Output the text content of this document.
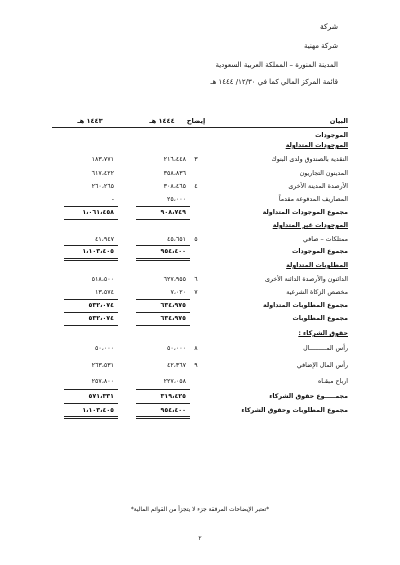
شركة
شركة مهنية
المدينة المنورة – المملكة العربية السعودية
قائمة المركز المالي كما في ١٢/٣٠/ ١٤٤٤ هـ
البيان
إيضاح
١٤٤٤ هـ
١٤٤٣ هـ
الموجودات
الموجودات المتداولة
النقدية بالصندوق ولدى البنوك
٣
٢١٦،٤٤٨
١٨٣،٧٧١
المدينون التجاريون
٣٥٨،٨٣٦
٦١٧،٤٢٢
الأرصدة المدينة الأخرى
٤
٣٠٨،٤٦٥
٢٦٠،٢٦٥
المصاريف المدفوعة مقدماً
٢٥،٠٠٠
-
مجموع الموجودات المتداولة
٩٠٨،٧٤٩
١،٠٦١،٤٥٨
الموجودات غير المتداولة
ممتلكات – صافي
٥
٤٥،٦٥١
٤١،٩٤٧
مجموع الموجودات
٩٥٤،٤٠٠
١،١٠٣،٤٠٥
المطلوبات المتداولة
الدائنون والأرصدة الدائنة الأخرى
٦
٦٢٧،٩٥٥
٥١٨،٥٠٠
مخصص الزكاة الشرعية
٧
٧،٠٢٠
١٣،٥٧٤
مجموع المطلوبات المتداولة
٦٣٤،٩٧٥
٥٣٢،٠٧٤
مجموع المطلوبات
٦٣٤،٩٧٥
٥٣٢،٠٧٤
حقوق الشركاء :
رأس المـــــــــال
٨
٥٠،٠٠٠
٥٠،٠٠٠
رأس المال الإضافي
٩
٤٢،٣٦٧
٢٦٣،٥٣١
ارباح مبقـاه
٢٢٧،٠٥٨
٢٥٧،٨٠٠
مجمـــــوع حقوق الشركاء
٣١٩،٤٢٥
٥٧١،٣٣١
مجموع المطلوبات وحقوق الشركاء
٩٥٤،٤٠٠
١،١٠٣،٤٠٥
*تعتبر الإيضاحات المرفقة جزء لا يتجزأ من القوائم المالية*
٢
